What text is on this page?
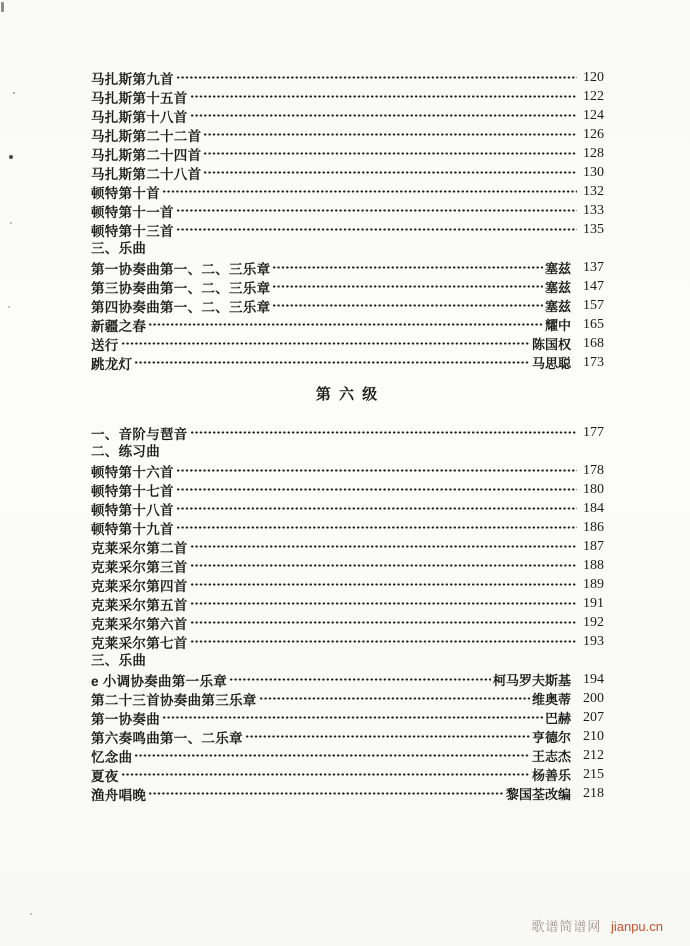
马扎斯第九首	120
马扎斯第十五首	122
马扎斯第十八首	124
马扎斯第二十二首	126
马扎斯第二十四首	128
马扎斯第二十八首	130
顿特第十首	132
顿特第十一首	133
顿特第十三首	135
三、乐曲
第一协奏曲第一、二、三乐章	塞兹 137
第三协奏曲第一、二、三乐章	塞兹 147
第四协奏曲第一、二、三乐章	塞兹 157
新疆之春	耀中 165
送行	陈国权 168
跳龙灯	马思聪 173
第 六 级
一、音阶与琶音	177
二、练习曲
顿特第十六首	178
顿特第十七首	180
顿特第十八首	184
顿特第十九首	186
克莱采尔第二首	187
克莱采尔第三首	188
克莱采尔第四首	189
克莱采尔第五首	191
克莱采尔第六首	192
克莱采尔第七首	193
三、乐曲
e 小调协奏曲第一乐章	柯马罗夫斯基 194
第二十三首协奏曲第三乐章	维奥蒂 200
第一协奏曲	巴赫 207
第六奏鸣曲第一、二乐章	亨德尔 210
忆念曲	王志杰 212
夏夜	杨善乐 215
渔舟唱晚	黎国荃改编 218
歌谱简谱网 jianpu.cn
